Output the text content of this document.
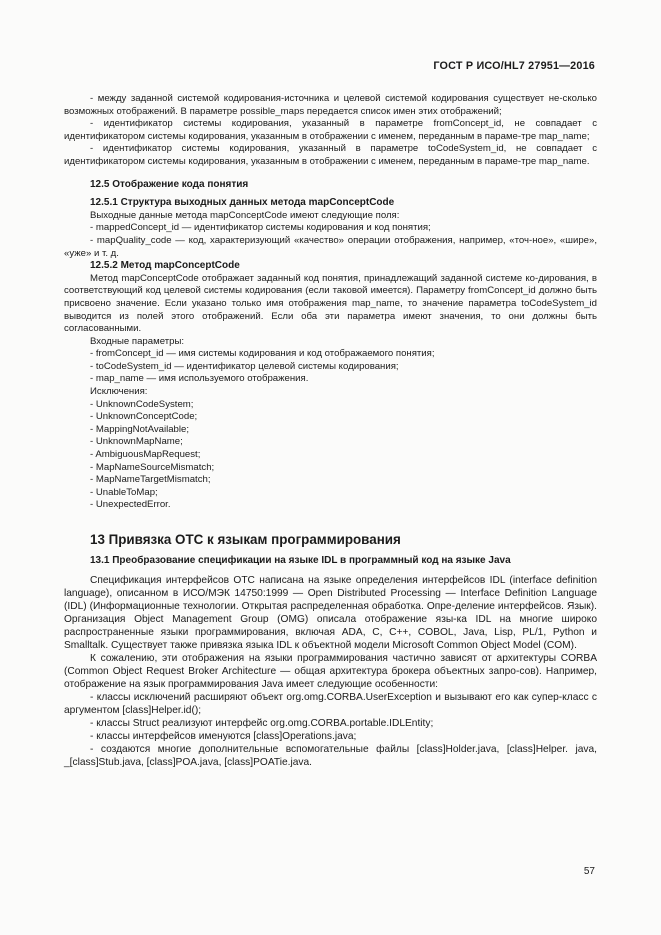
ГОСТ Р ИСО/HL7 27951—2016

- между заданной системой кодирования-источника и целевой системой кодирования существует не-сколько возможных отображений. В параметре possible_maps передается список имен этих отображений;

- идентификатор системы кодирования, указанный в параметре fromConcept_id, не совпадает с идентификатором системы кодирования, указанным в отображении с именем, переданным в параме-тре map_name;

- идентификатор системы кодирования, указанный в параметре toCodeSystem_id, не совпадает с идентификатором системы кодирования, указанным в отображении с именем, переданным в параме-тре map_name.

12.5 Отображение кода понятия
12.5.1 Структура выходных данных метода mapConceptCode
Выходные данные метода mapConceptCode имеют следующие поля:
- mappedConcept_id — идентификатор системы кодирования и код понятия;

- mapQuality_code — код, характеризующий «качество» операции отображения, например, «точ-ное», «шире», «уже» и т. д.

12.5.2 Метод mapConceptCode

Метод mapConceptCode отображает заданный код понятия, принадлежащий заданной системе ко-дирования, в соответствующий код целевой системы кодирования (если таковой имеется). Параметру fromConcept_id должно быть присвоено значение. Если указано только имя отображения map_name, то значение параметра toCodeSystem_id выводится из полей этого отображений. Если оба эти параметра имеют значения, то они должны быть согласованными.

Входные параметры:
- fromConcept_id — имя системы кодирования и код отображаемого понятия;
- toCodeSystem_id — идентификатор целевой системы кодирования;
- map_name — имя используемого отображения.
Исключения:
- UnknownCodeSystem;
- UnknownConceptCode;
- MappingNotAvailable;
- UnknownMapName;
- AmbiguousMapRequest;
- MapNameSourceMismatch;
- MapNameTargetMismatch;
- UnableToMap;
- UnexpectedError.
13 Привязка ОТС к языкам программирования
13.1 Преобразование спецификации на языке IDL в программный код на языке Java

Спецификация интерфейсов ОТС написана на языке определения интерфейсов IDL (interface definition language), описанном в ИСО/МЭК 14750:1999 — Open Distributed Processing — Interface Definition Language (IDL) (Информационные технологии. Открытая распределенная обработка. Опре-деление интерфейсов. Язык). Организация Object Management Group (OMG) описала отображение язы-ка IDL на многие широко распространенные языки программирования, включая ADA, С, C++, COBOL, Java, Lisp, PL/1, Python и Smalltalk. Существует также привязка языка IDL к объектной модели Microsoft Common Object Model (COM).

К сожалению, эти отображения на языки программирования частично зависят от архитектуры CORBA (Common Object Request Broker Architecture — общая архитектура брокера объектных запро-сов). Например, отображение на язык программирования Java имеет следующие особенности:

- классы исключений расширяют объект org.omg.CORBA.UserException и вызывают его как супер-класс с аргументом [class]Helper.id();

- классы Struct реализуют интерфейс org.omg.CORBA.portable.IDLEntity;

- классы интерфейсов именуются [class]Operations.java;

- создаются многие дополнительные вспомогательные файлы [class]Holder.java, [class]Helper. java, _[class]Stub.java, [class]POA.java, [class]POATie.java.

57
